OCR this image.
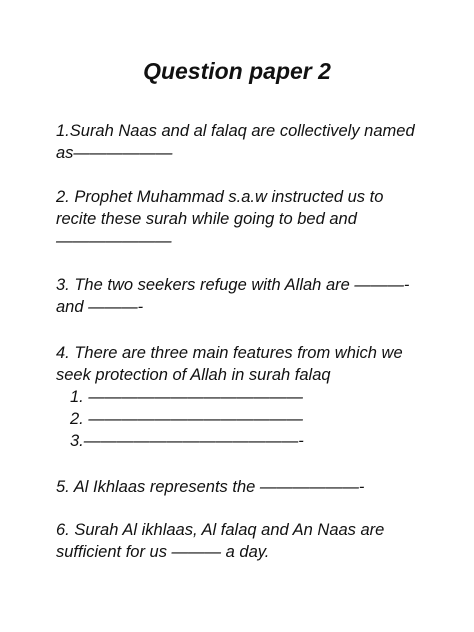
Question paper 2
1.Surah Naas and al falaq are collectively named
as——————
2. Prophet Muhammad s.a.w instructed us to
recite these surah while going to bed and
———————
3. The two seekers refuge with Allah are ———-
and ———-
4. There are three main features from which we
seek protection of Allah in surah falaq
1. —————————————
2. —————————————
3.—————————————-
5. Al Ikhlaas represents the ——————-
6. Surah Al ikhlaas, Al falaq and An Naas are
sufficient for us ——— a day.
